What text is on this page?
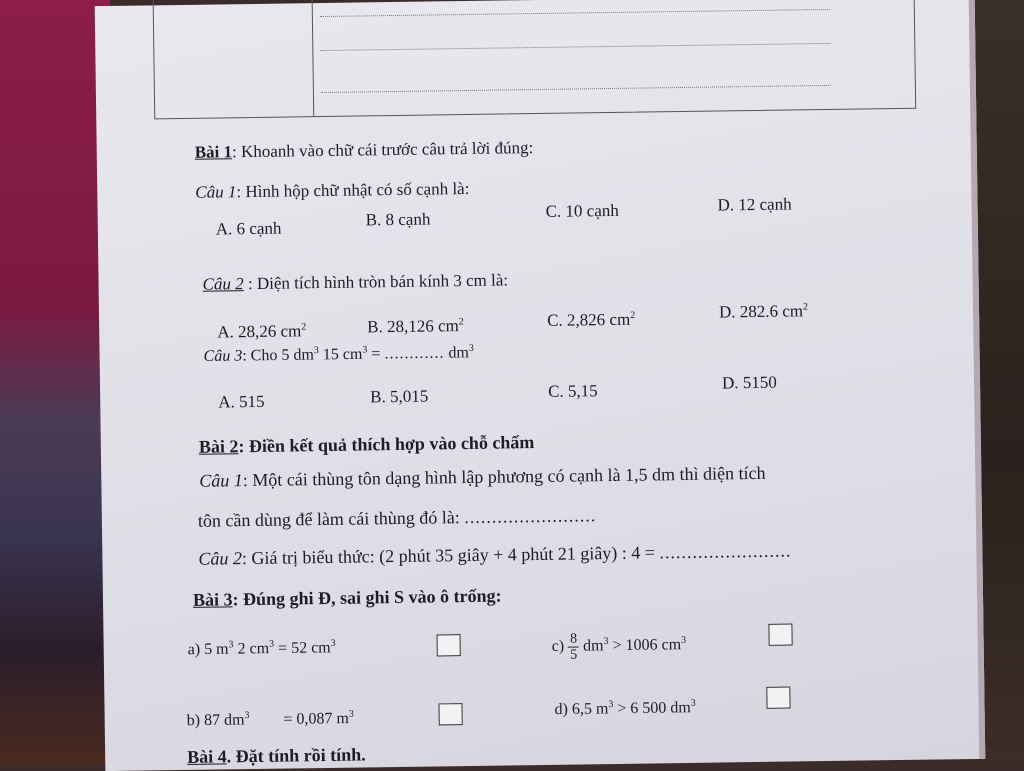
Bài 1: Khoanh vào chữ cái trước câu trả lời đúng:
Câu 1: Hình hộp chữ nhật có số cạnh là:
A. 6 cạnh	B. 8 cạnh	C. 10 cạnh	D. 12 cạnh
Câu 2 : Diện tích hình tròn bán kính 3 cm là:
A. 28,26 $cm^2$	B. 28,126 $cm^2$	C. 2,826 $cm^2$	D. 282.6 $cm^2$
Câu 3: Cho 5 $dm^3$ 15 $cm^3$ = ............ $dm^3$
A. 515	B. 5,015	C. 5,15	D. 5150
Bài 2: Điền kết quả thích hợp vào chỗ chấm
Câu 1: Một cái thùng tôn dạng hình lập phương có cạnh là 1,5 dm thì diện tích
tôn cần dùng để làm cái thùng đó là: ........................
Câu 2: Giá trị biểu thức: (2 phút 35 giây + 4 phút 21 giây) : 4 = ........................
Bài 3: Đúng ghi Đ, sai ghi S vào ô trống:
a) 5 $m^3$ 2 $cm^3 = 52$ $cm^3$	$c) \frac{8}{5} dm^3 > 1006$ $cm^3$
b) 87 $dm^3 = 0,087$ $m^3$	d) 6,5 $m^3 > 6$ 500 $dm^3$
Bài 4. Đặt tính rồi tính.
